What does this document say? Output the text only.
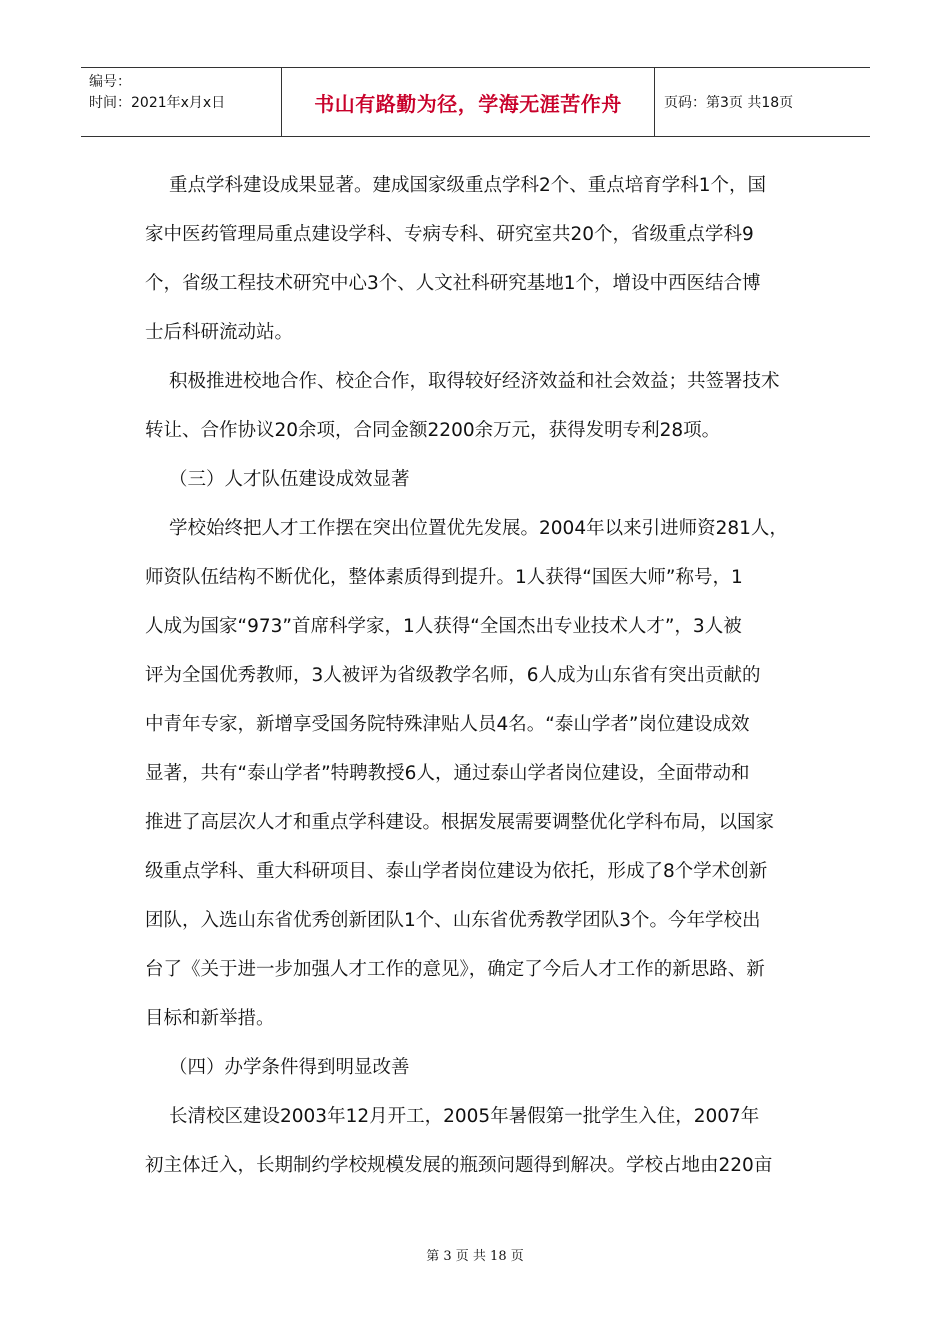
编号：
时间：2021年x月x日	书山有路勤为径，学海无涯苦作舟	页码：第3页 共18页
重点学科建设成果显著。建成国家级重点学科2个、重点培育学科1个，国
家中医药管理局重点建设学科、专病专科、研究室共20个，省级重点学科9
个，省级工程技术研究中心3个、人文社科研究基地1个，增设中西医结合博
士后科研流动站。
积极推进校地合作、校企合作，取得较好经济效益和社会效益；共签署技术
转让、合作协议20余项，合同金额2200余万元，获得发明专利28项。
（三）人才队伍建设成效显著
学校始终把人才工作摆在突出位置优先发展。2004年以来引进师资281人，
师资队伍结构不断优化，整体素质得到提升。1人获得“国医大师”称号，1
人成为国家“973”首席科学家，1人获得“全国杰出专业技术人才”，3人被
评为全国优秀教师，3人被评为省级教学名师，6人成为山东省有突出贡献的
中青年专家，新增享受国务院特殊津贴人员4名。“泰山学者”岗位建设成效
显著，共有“泰山学者”特聘教授6人，通过泰山学者岗位建设，全面带动和
推进了高层次人才和重点学科建设。根据发展需要调整优化学科布局，以国家
级重点学科、重大科研项目、泰山学者岗位建设为依托，形成了8个学术创新
团队，入选山东省优秀创新团队1个、山东省优秀教学团队3个。今年学校出
台了《关于进一步加强人才工作的意见》，确定了今后人才工作的新思路、新
目标和新举措。
（四）办学条件得到明显改善
长清校区建设2003年12月开工，2005年暑假第一批学生入住，2007年
初主体迁入，长期制约学校规模发展的瓶颈问题得到解决。学校占地由220亩
第 3 页 共 18 页
